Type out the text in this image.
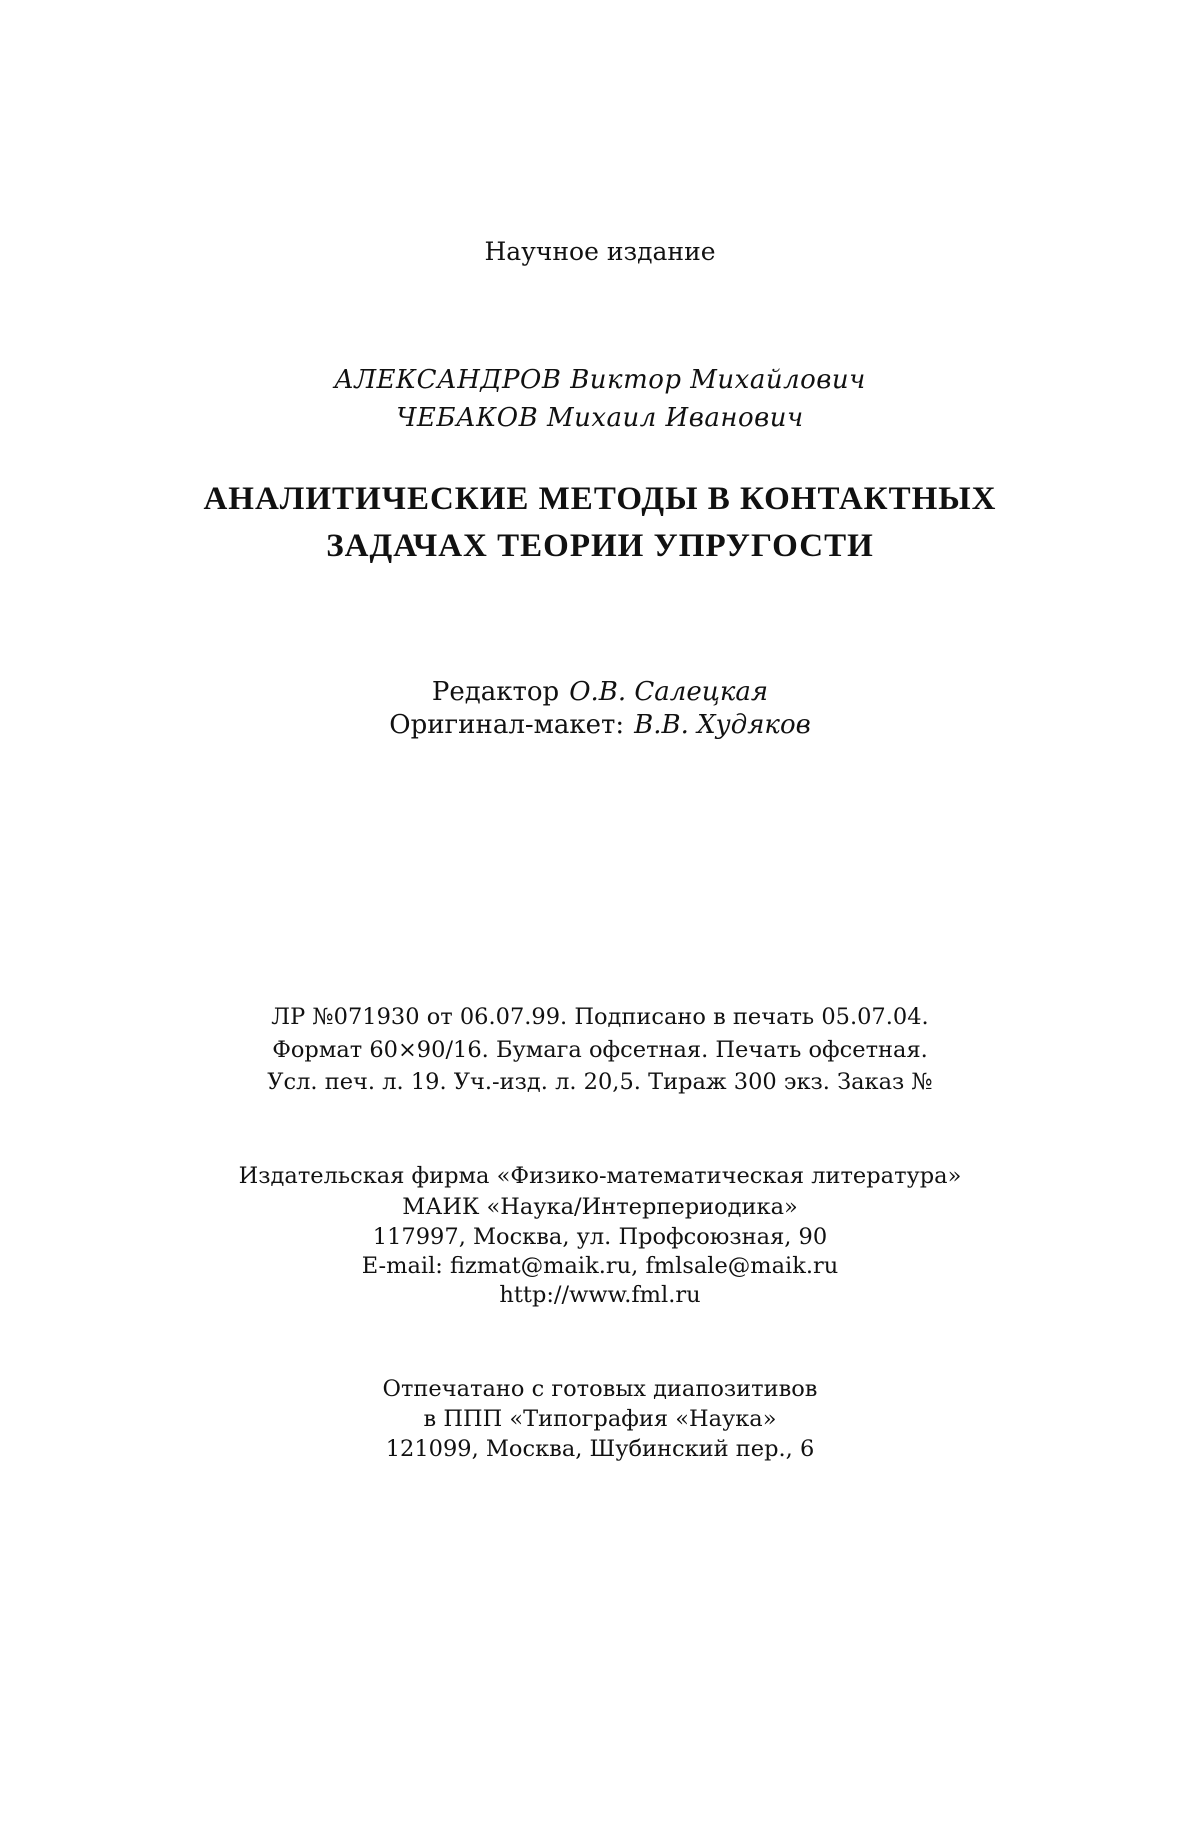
Научное издание
АЛЕКСАНДРОВ Виктор Михайлович
ЧЕБАКОВ Михаил Иванович
АНАЛИТИЧЕСКИЕ МЕТОДЫ В КОНТАКТНЫХ
ЗАДАЧАХ ТЕОРИИ УПРУГОСТИ
Редактор О.В. Салецкая
Оригинал-макет: В.В. Худяков
ЛР №071930 от 06.07.99. Подписано в печать 05.07.04.
Формат 60×90/16. Бумага офсетная. Печать офсетная.
Усл. печ. л. 19. Уч.-изд. л. 20,5. Тираж 300 экз. Заказ №
Издательская фирма «Физико-математическая литература»
МАИК «Наука/Интерпериодика»
117997, Москва, ул. Профсоюзная, 90
E-mail: fizmat@maik.ru, fmlsale@maik.ru
http://www.fml.ru
Отпечатано с готовых диапозитивов
в ППП «Типография «Наука»
121099, Москва, Шубинский пер., 6
